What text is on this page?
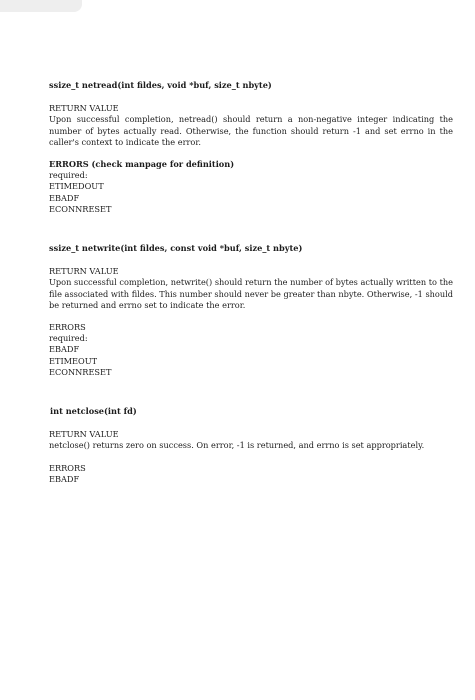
ssize_t netread(int fildes, void *buf, size_t nbyte)

RETURN VALUE

Upon successful completion, netread() should return a non-negative integer indicating the number of bytes actually read. Otherwise, the function should return -1 and set errno in the caller's context to indicate the error.

ERRORS (check manpage for definition)

required:
ETIMEDOUT
EBADF
ECONNRESET

ssize_t netwrite(int fildes, const void *buf, size_t nbyte)

RETURN VALUE

Upon successful completion, netwrite() should return the number of bytes actually written to the file associated with fildes. This number should never be greater than nbyte. Otherwise, -1 should be returned and errno set to indicate the error.

ERRORS

required:
EBADF
ETIMEOUT
ECONNRESET

int netclose(int fd)

RETURN VALUE

netclose() returns zero on success. On error, -1 is returned, and errno is set appropriately.

ERRORS

EBADF
